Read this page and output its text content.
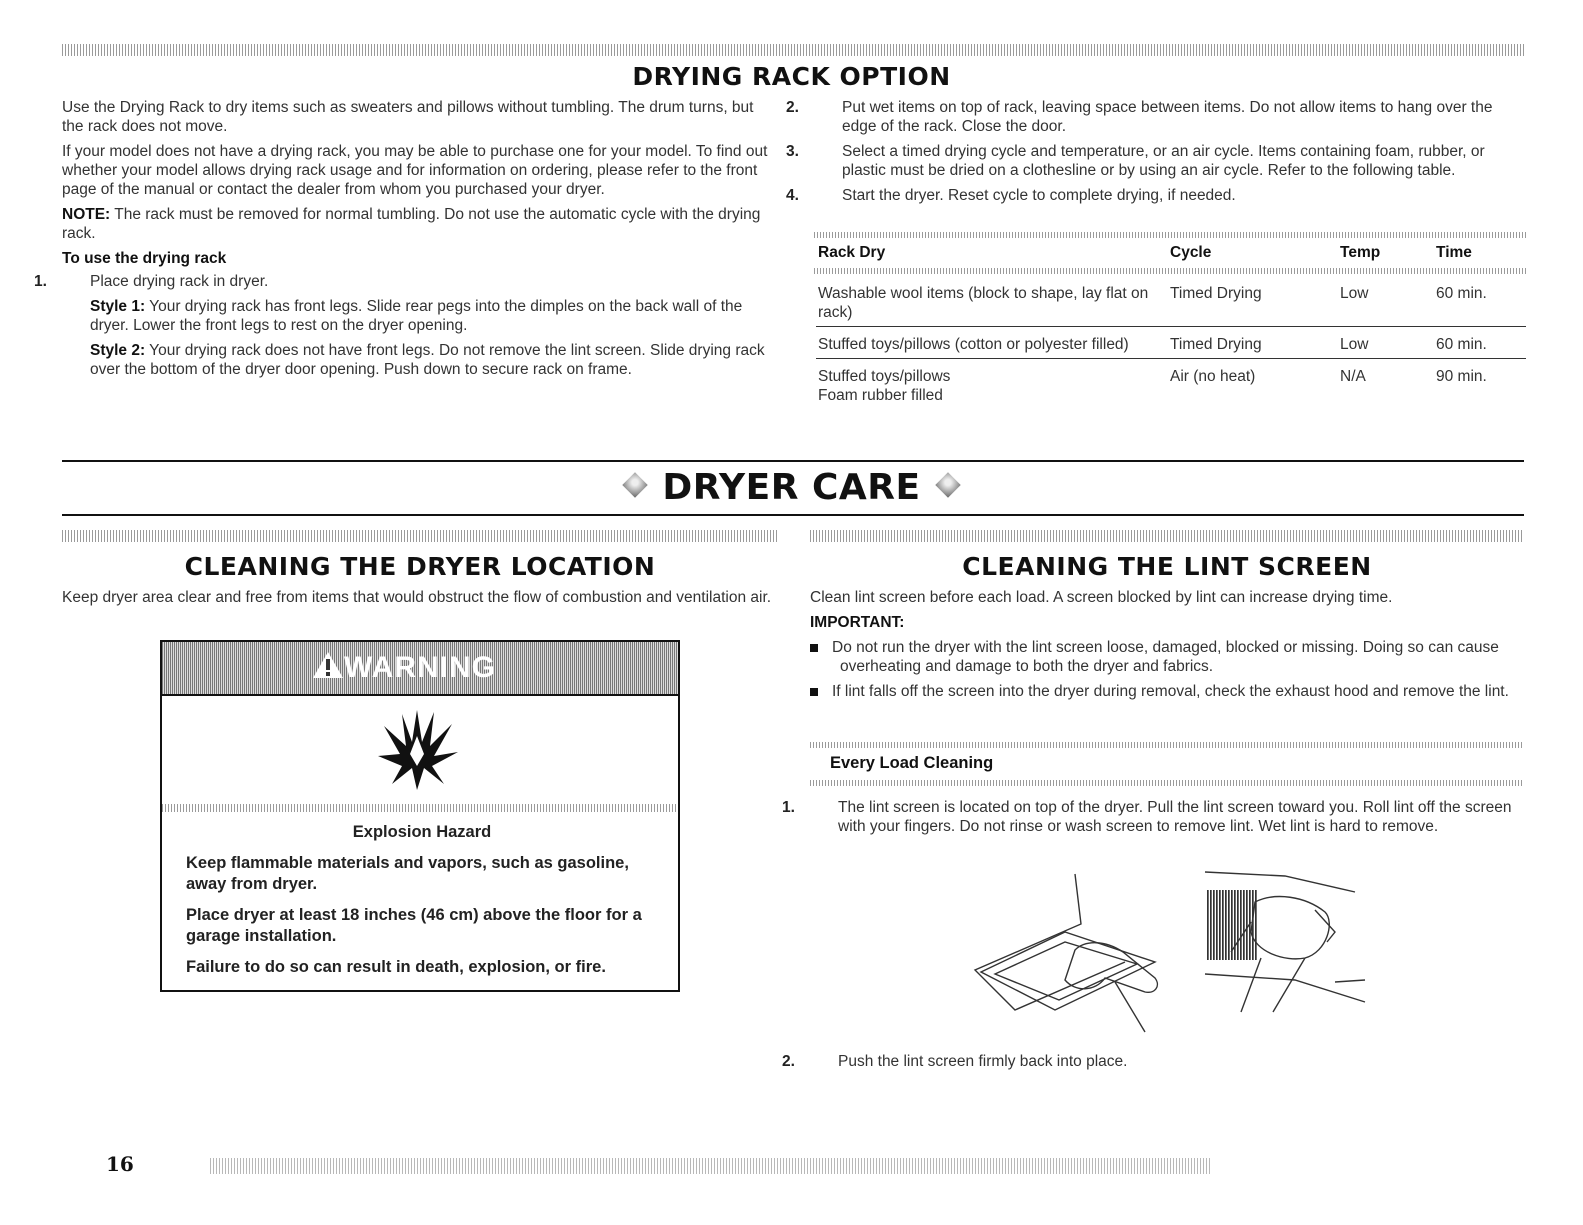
DRYING RACK OPTION

Use the Drying Rack to dry items such as sweaters and pillows without tumbling. The drum turns, but the rack does not move.

If your model does not have a drying rack, you may be able to purchase one for your model. To find out whether your model allows drying rack usage and for information on ordering, please refer to the front page of the manual or contact the dealer from whom you purchased your dryer.

NOTE: The rack must be removed for normal tumbling. Do not use the automatic cycle with the drying rack.

To use the drying rack

1.	Place drying rack in dryer.

Style 1: Your drying rack has front legs. Slide rear pegs into the dimples on the back wall of the dryer. Lower the front legs to rest on the dryer opening.

Style 2: Your drying rack does not have front legs. Do not remove the lint screen. Slide drying rack over the bottom of the dryer door opening. Push down to secure rack on frame.

2.	Put wet items on top of rack, leaving space between items. Do not allow items to hang over the edge of the rack. Close the door.

3.	Select a timed drying cycle and temperature, or an air cycle. Items containing foam, rubber, or plastic must be dried on a clothesline or by using an air cycle. Refer to the following table.

4.	Start the dryer. Reset cycle to complete drying, if needed.

Rack Dry	Cycle	Temp	Time
Washable wool items (block to shape, lay flat on rack)	Timed Drying	Low	60 min.
Stuffed toys/pillows (cotton or polyester filled)	Timed Drying	Low	60 min.
Stuffed toys/pillows Foam rubber filled	Air (no heat)	N/A	90 min.
DRYER CARE
CLEANING THE DRYER LOCATION
Keep dryer area clear and free from items that would obstruct the flow of combustion and ventilation air.
WARNING
Explosion Hazard
Keep flammable materials and vapors, such as gasoline, away from dryer.
Place dryer at least 18 inches (46 cm) above the floor for a garage installation.
Failure to do so can result in death, explosion, or fire.
CLEANING THE LINT SCREEN

Clean lint screen before each load. A screen blocked by lint can increase drying time.

IMPORTANT:

Do not run the dryer with the lint screen loose, damaged, blocked or missing. Doing so can cause overheating and damage to both the dryer and fabrics.

If lint falls off the screen into the dryer during removal, check the exhaust hood and remove the lint.

Every Load Cleaning

1.	The lint screen is located on top of the dryer. Pull the lint screen toward you. Roll lint off the screen with your fingers. Do not rinse or wash screen to remove lint. Wet lint is hard to remove.

2.	Push the lint screen firmly back into place.

16
